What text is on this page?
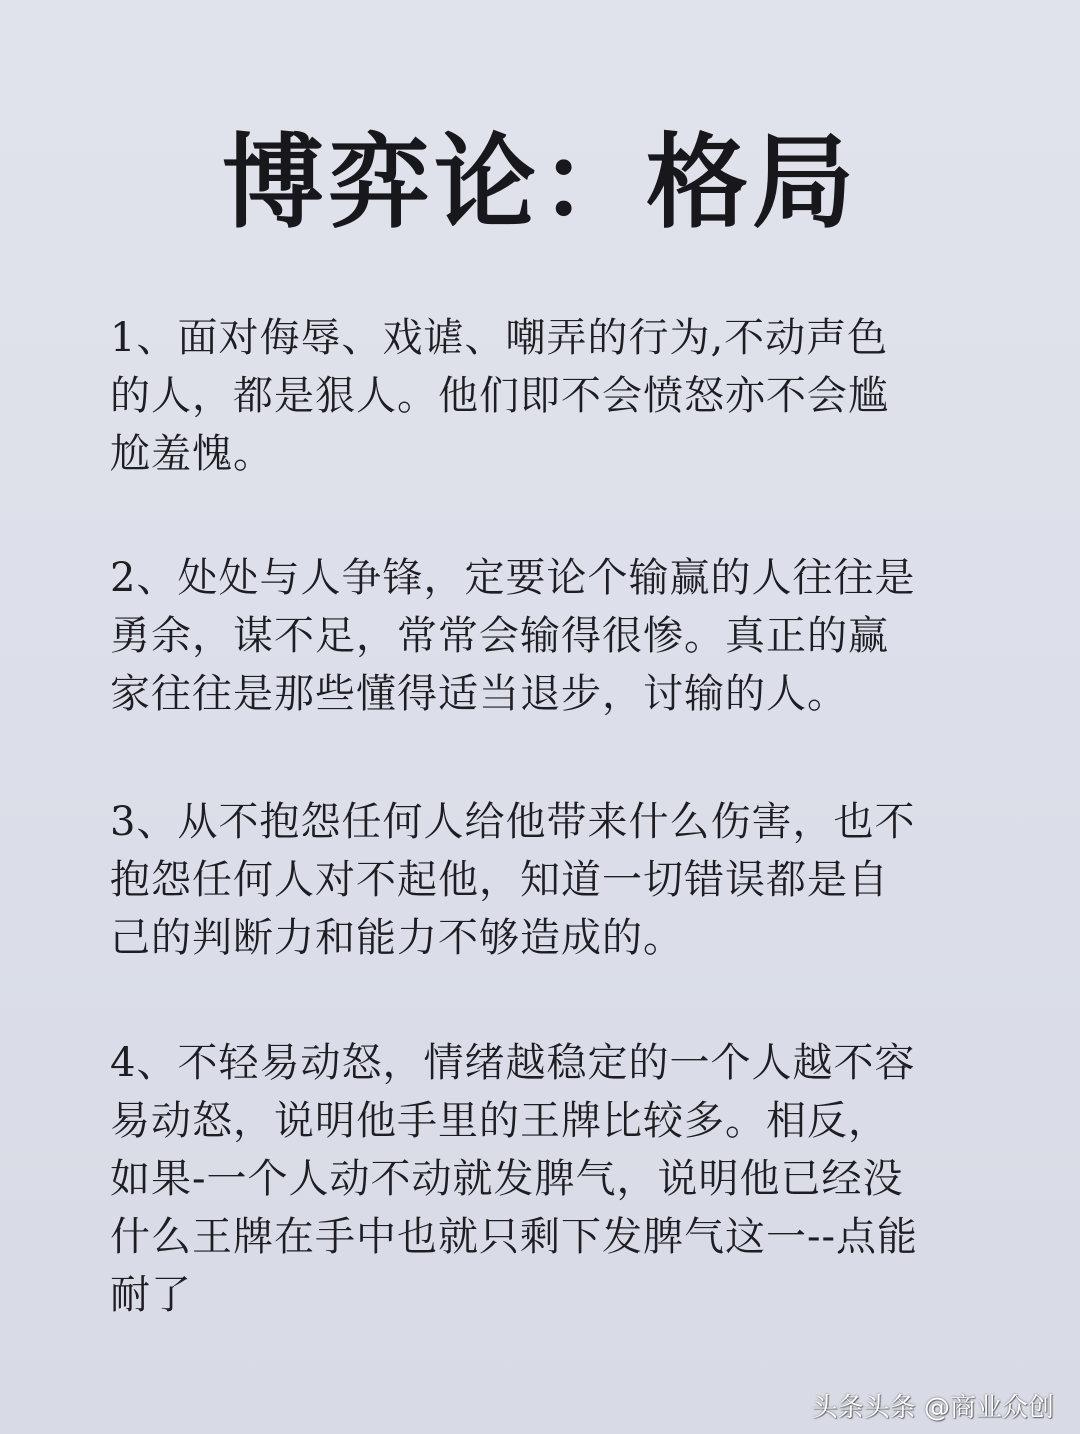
博弈论：格局

1、面对侮辱、戏谑、嘲弄的行为,不动声色
的人，都是狠人。他们即不会愤怒亦不会尴
尬羞愧。

2、处处与人争锋，定要论个输赢的人往往是
勇余，谋不足，常常会输得很惨。真正的赢
家往往是那些懂得适当退步，讨输的人。

3、从不抱怨任何人给他带来什么伤害，也不
抱怨任何人对不起他，知道一切错误都是自
己的判断力和能力不够造成的。

4、不轻易动怒，情绪越稳定的一个人越不容
易动怒，说明他手里的王牌比较多。相反，
如果-一个人动不动就发脾气，说明他已经没
什么王牌在手中也就只剩下发脾气这一--点能
耐了

头条头条 @商业众创
